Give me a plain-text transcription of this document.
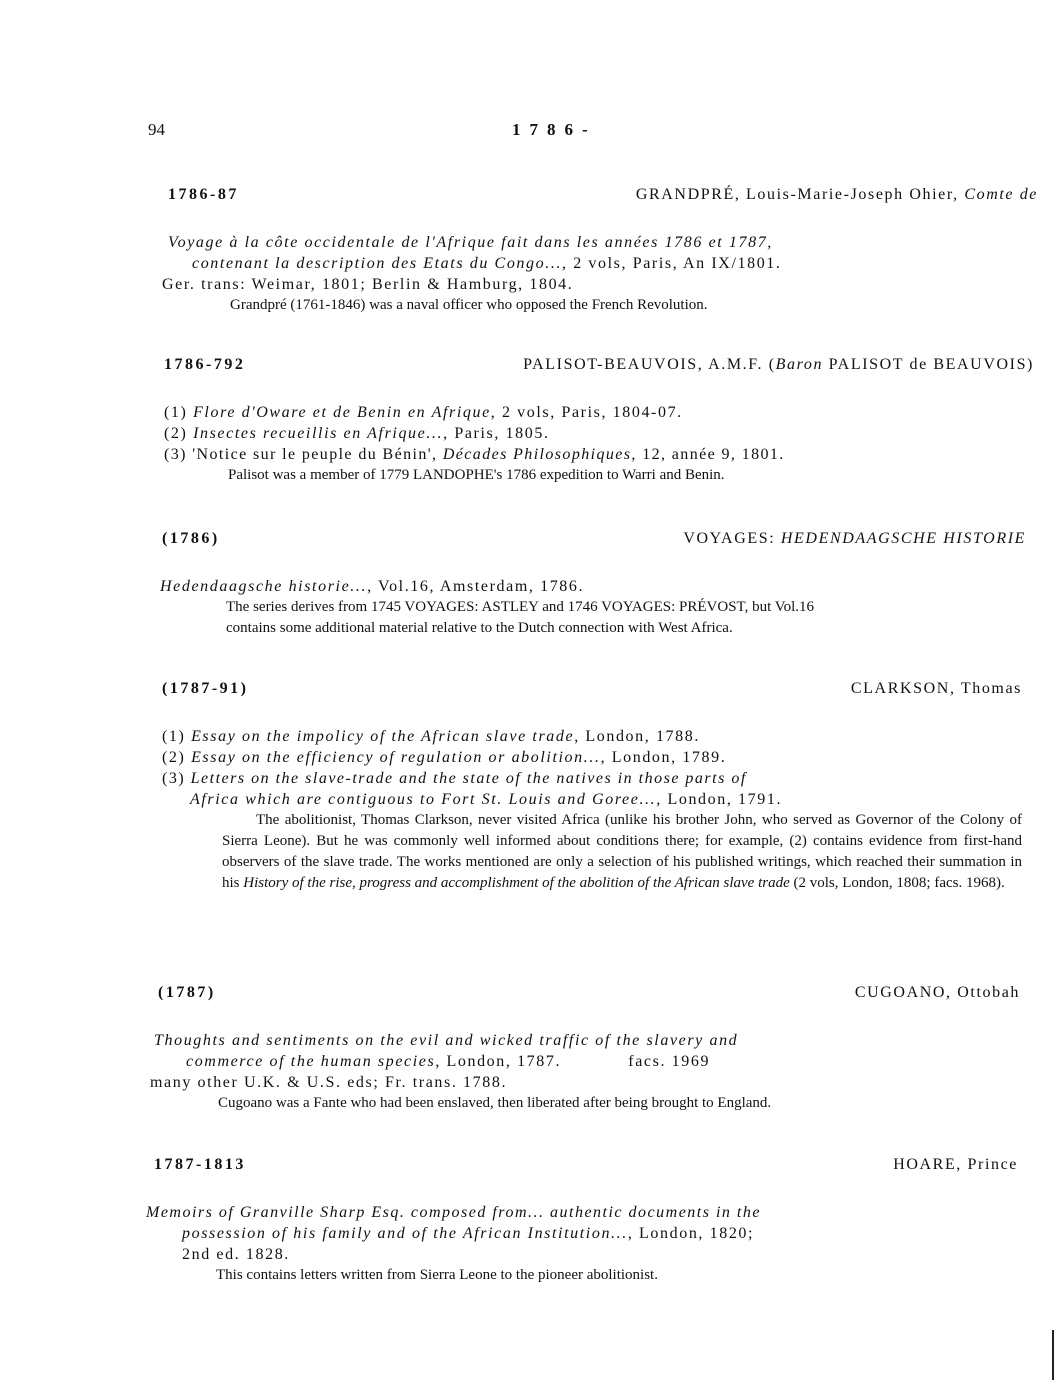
94	1786-
1786-87	GRANDPRÉ, Louis-Marie-Joseph Ohier, Comte de
Voyage à la côte occidentale de l'Afrique fait dans les années 1786 et 1787,
contenant la description des Etats du Congo..., 2 vols, Paris, An IX/1801.
Ger. trans: Weimar, 1801; Berlin & Hamburg, 1804.
Grandpré (1761-1846) was a naval officer who opposed the French Revolution.
1786-792	PALISOT-BEAUVOIS, A.M.F. (Baron PALISOT de BEAUVOIS)
(1) Flore d'Oware et de Benin en Afrique, 2 vols, Paris, 1804-07.
(2) Insectes recueillis en Afrique..., Paris, 1805.
(3) 'Notice sur le peuple du Bénin', Décades Philosophiques, 12, année 9, 1801.
Palisot was a member of 1779 LANDOPHE's 1786 expedition to Warri and Benin.
(1786)	VOYAGES: HEDENDAAGSCHE HISTORIE
Hedendaagsche historie..., Vol.16, Amsterdam, 1786.
The series derives from 1745 VOYAGES: ASTLEY and 1746 VOYAGES: PRÉVOST, but Vol.16
contains some additional material relative to the Dutch connection with West Africa.
(1787-91)	CLARKSON, Thomas
(1) Essay on the impolicy of the African slave trade, London, 1788.
(2) Essay on the efficiency of regulation or abolition..., London, 1789.
(3) Letters on the slave-trade and the state of the natives in those parts of
Africa which are contiguous to Fort St. Louis and Goree..., London, 1791.
The abolitionist, Thomas Clarkson, never visited Africa (unlike his brother John, who served as Governor of the Colony of Sierra Leone). But he was commonly well informed about conditions there; for example, (2) contains evidence from first-hand observers of the slave trade. The works mentioned are only a selection of his published writings, which reached their summation in his History of the rise, progress and accomplishment of the abolition of the African slave trade (2 vols, London, 1808; facs. 1968).
(1787)	CUGOANO, Ottobah
Thoughts and sentiments on the evil and wicked traffic of the slavery and
commerce of the human species, London, 1787.            facs. 1969
many other U.K. & U.S. eds; Fr. trans. 1788.
Cugoano was a Fante who had been enslaved, then liberated after being brought to England.
1787-1813	HOARE, Prince
Memoirs of Granville Sharp Esq. composed from... authentic documents in the
possession of his family and of the African Institution..., London, 1820;
2nd ed. 1828.
This contains letters written from Sierra Leone to the pioneer abolitionist.
